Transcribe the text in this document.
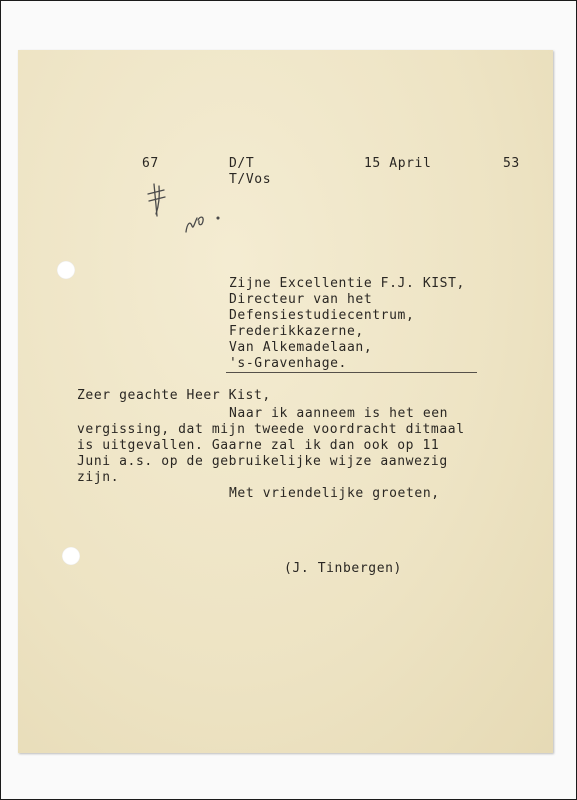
67	D/T
T/Vos
15 April	53
Zijne Excellentie F.J. KIST,
Directeur van het
Defensiestudiecentrum,
Frederikkazerne,
Van Alkemadelaan,
's-Gravenhage.
Zeer geachte Heer Kist,
Naar ik aanneem is het een
vergissing, dat mijn tweede voordracht ditmaal
is uitgevallen. Gaarne zal ik dan ook op 11
Juni a.s. op de gebruikelijke wijze aanwezig
zijn.
Met vriendelijke groeten,
(J. Tinbergen)
